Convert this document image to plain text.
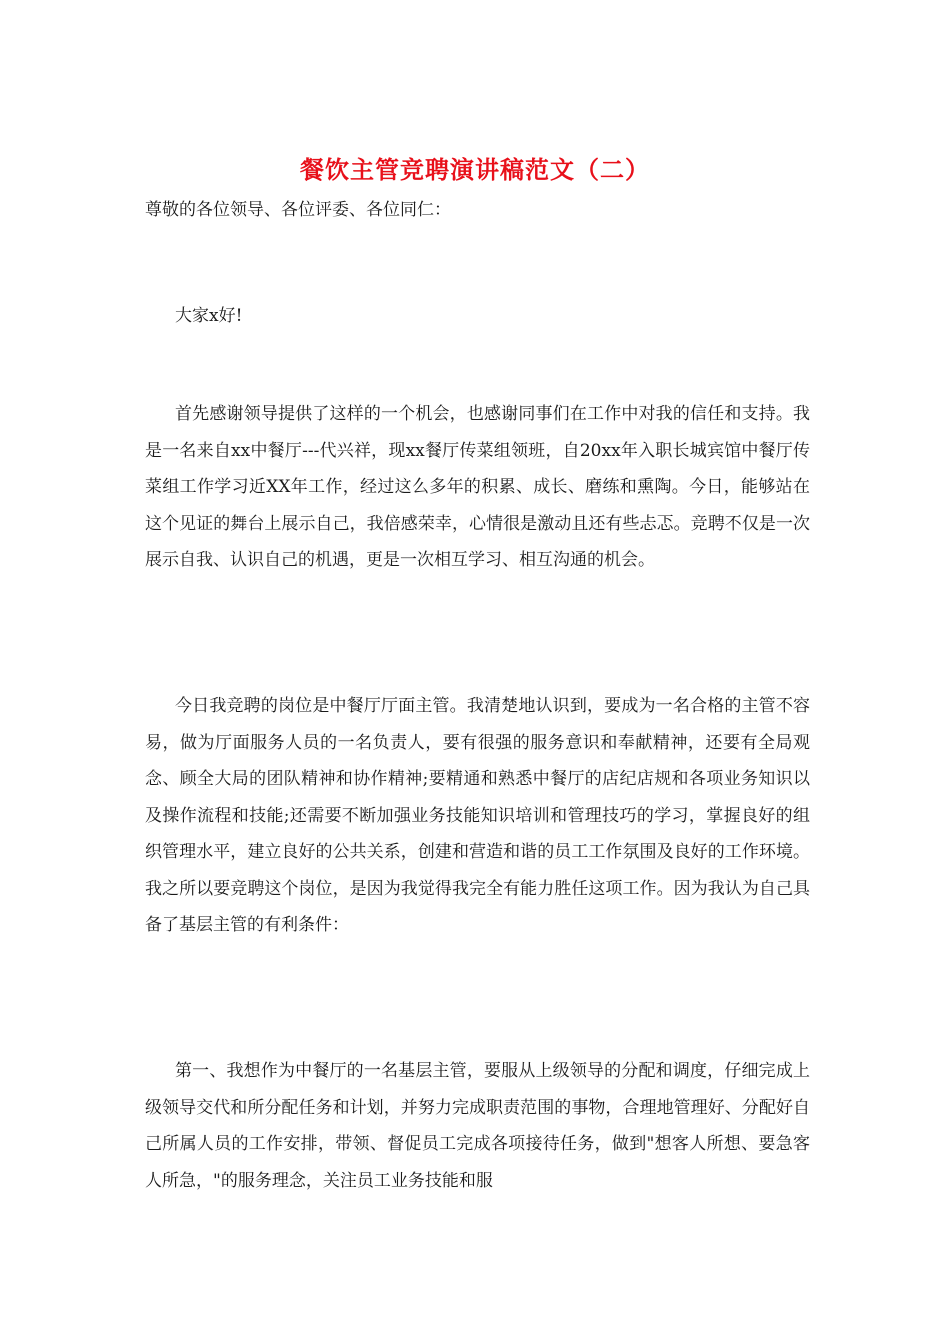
餐饮主管竞聘演讲稿范文（二）
尊敬的各位领导、各位评委、各位同仁：
大家x好!
首先感谢领导提供了这样的一个机会，也感谢同事们在工作中对我的信任和支持。我是一名来自xx中餐厅---代兴祥，现xx餐厅传菜组领班，自20xx年入职长城宾馆中餐厅传菜组工作学习近XX年工作，经过这么多年的积累、成长、磨练和熏陶。今日，能够站在这个见证的舞台上展示自己，我倍感荣幸，心情很是激动且还有些忐忑。竞聘不仅是一次展示自我、认识自己的机遇，更是一次相互学习、相互沟通的机会。
今日我竞聘的岗位是中餐厅厅面主管。我清楚地认识到，要成为一名合格的主管不容易，做为厅面服务人员的一名负责人，要有很强的服务意识和奉献精神，还要有全局观念、顾全大局的团队精神和协作精神;要精通和熟悉中餐厅的店纪店规和各项业务知识以及操作流程和技能;还需要不断加强业务技能知识培训和管理技巧的学习，掌握良好的组织管理水平，建立良好的公共关系，创建和营造和谐的员工工作氛围及良好的工作环境。我之所以要竞聘这个岗位，是因为我觉得我完全有能力胜任这项工作。因为我认为自己具备了基层主管的有利条件：
第一、我想作为中餐厅的一名基层主管，要服从上级领导的分配和调度，仔细完成上级领导交代和所分配任务和计划，并努力完成职责范围的事物，合理地管理好、分配好自己所属人员的工作安排，带领、督促员工完成各项接待任务，做到"想客人所想、要急客人所急，"的服务理念，关注员工业务技能和服
